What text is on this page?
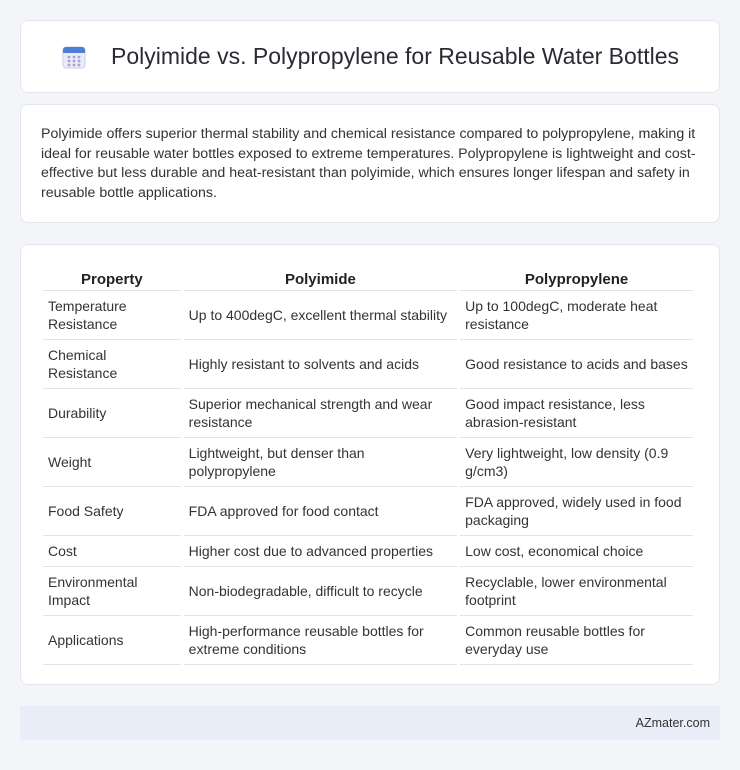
Polyimide vs. Polypropylene for Reusable Water Bottles

Polyimide offers superior thermal stability and chemical resistance compared to polypropylene, making it ideal for reusable water bottles exposed to extreme temperatures. Polypropylene is lightweight and cost-effective but less durable and heat-resistant than polyimide, which ensures longer lifespan and safety in reusable bottle applications.

Property	Polyimide	Polypropylene
Temperature Resistance	Up to 400degC, excellent thermal stability	Up to 100degC, moderate heat resistance
Chemical Resistance	Highly resistant to solvents and acids	Good resistance to acids and bases
Durability	Superior mechanical strength and wear resistance	Good impact resistance, less abrasion-resistant
Weight	Lightweight, but denser than polypropylene	Very lightweight, low density (0.9 g/cm3)
Food Safety	FDA approved for food contact	FDA approved, widely used in food packaging
Cost	Higher cost due to advanced properties	Low cost, economical choice
Environmental Impact	Non-biodegradable, difficult to recycle	Recyclable, lower environmental footprint
Applications	High-performance reusable bottles for extreme conditions	Common reusable bottles for everyday use
AZmater.com
